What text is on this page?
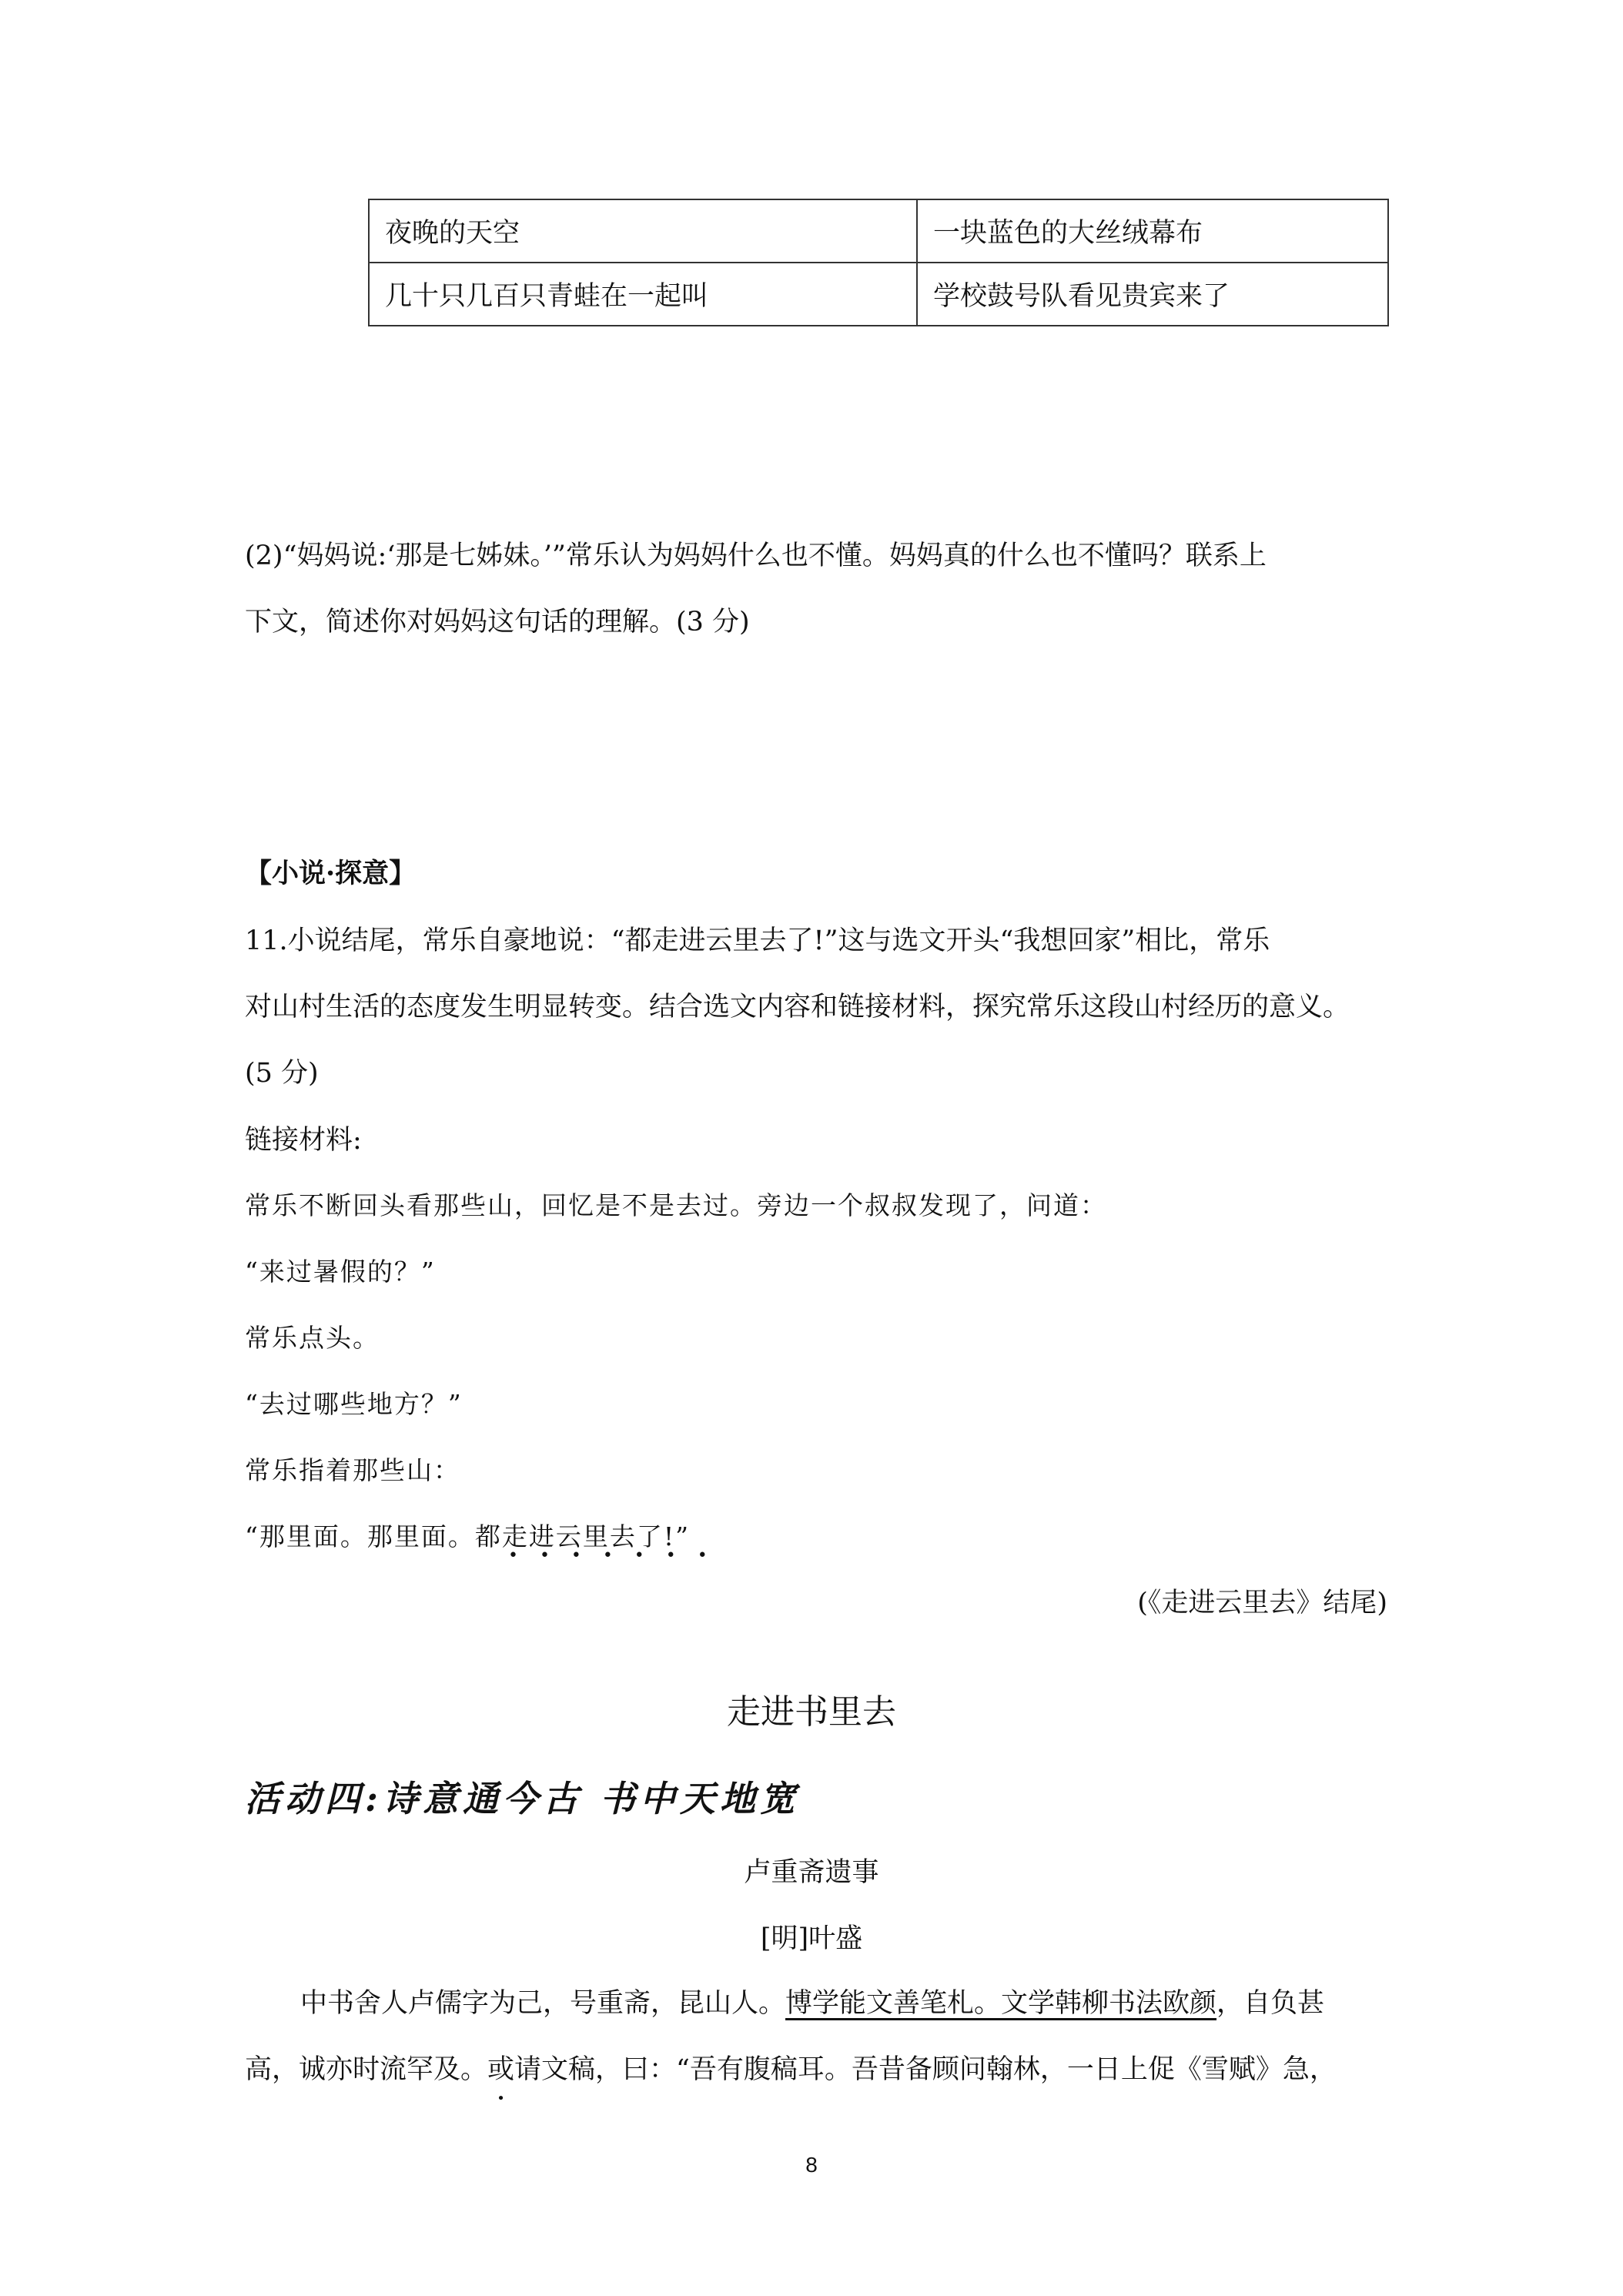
夜晚的天空	一块蓝色的大丝绒幕布
几十只几百只青蛙在一起叫	学校鼓号队看见贵宾来了
(2)“妈妈说:‘那是七姊妹。’”常乐认为妈妈什么也不懂。妈妈真的什么也不懂吗？联系上
下文，简述你对妈妈这句话的理解。(3 分)
【小说·探意】
11.小说结尾，常乐自豪地说：“都走进云里去了!”这与选文开头“我想回家”相比，常乐
对山村生活的态度发生明显转变。结合选文内容和链接材料，探究常乐这段山村经历的意义。
(5 分)
链接材料:
常乐不断回头看那些山，回忆是不是去过。旁边一个叔叔发现了，问道：
“来过暑假的？”
常乐点头。
“去过哪些地方？”
常乐指着那些山：
“那里面。那里面。都走进云里去了!”
•    •    •    •    •    •    •
(《走进云里去》结尾)
走进书里去
活动四:诗意通今古 书中天地宽
卢重斋遗事
[明]叶盛
中书舍人卢儒字为己，号重斋，昆山人。博学能文善笔札。文学韩柳书法欧颜，自负甚
高，诚亦时流罕及。或请文稿，曰：“吾有腹稿耳。吾昔备顾问翰林，一日上促《雪赋》急，
8
